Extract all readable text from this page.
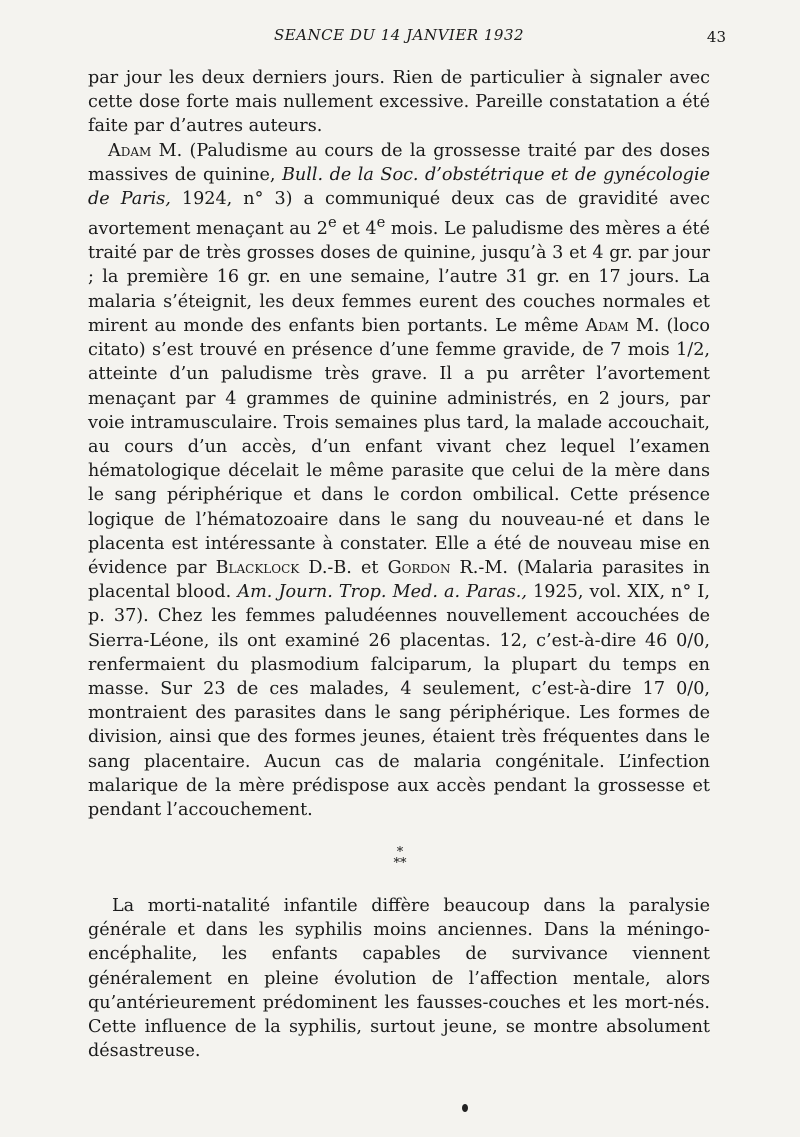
SEANCE DU 14 JANVIER 1932	43

par jour les deux derniers jours. Rien de particulier à signaler avec cette dose forte mais nullement excessive. Pareille constatation a été faite par d’autres auteurs.

Adam M. (Paludisme au cours de la grossesse traité par des doses massives de quinine, Bull. de la Soc. d’obstétrique et de gynécologie de Paris, 1924, n° 3) a communiqué deux cas de gravidité avec avortement menaçant au 2e et 4e mois. Le paludisme des mères a été traité par de très grosses doses de quinine, jusqu’à 3 et 4 gr. par jour ; la première 16 gr. en une semaine, l’autre 31 gr. en 17 jours. La malaria s’éteignit, les deux femmes eurent des couches normales et mirent au monde des enfants bien portants. Le même Adam M. (loco citato) s’est trouvé en présence d’une femme gravide, de 7 mois 1/2, atteinte d’un paludisme très grave. Il a pu arrêter l’avortement menaçant par 4 grammes de quinine administrés, en 2 jours, par voie intramusculaire. Trois semaines plus tard, la malade accouchait, au cours d’un accès, d’un enfant vivant chez lequel l’examen hématologique décelait le même parasite que celui de la mère dans le sang périphérique et dans le cordon ombilical. Cette présence logique de l’hématozoaire dans le sang du nouveau-né et dans le placenta est intéressante à constater. Elle a été de nouveau mise en évidence par Blacklock D.-B. et Gordon R.-M. (Malaria parasites in placental blood. Am. Journ. Trop. Med. a. Paras., 1925, vol. XIX, n° I, p. 37). Chez les femmes paludéennes nouvellement accouchées de Sierra-Léone, ils ont examiné 26 placentas. 12, c’est-à-dire 46 0/0, renfermaient du plasmodium falciparum, la plupart du temps en masse. Sur 23 de ces malades, 4 seulement, c’est-à-dire 17 0/0, montraient des parasites dans le sang périphérique. Les formes de division, ainsi que des formes jeunes, étaient très fréquentes dans le sang placentaire. Aucun cas de malaria congénitale. L’infection malarique de la mère prédispose aux accès pendant la grossesse et pendant l’accouchement.

*
**

La morti-natalité infantile diffère beaucoup dans la paralysie générale et dans les syphilis moins anciennes. Dans la méningo-encéphalite, les enfants capables de survivance viennent généralement en pleine évolution de l’affection mentale, alors qu’antérieurement prédominent les fausses-couches et les mort-nés. Cette influence de la syphilis, surtout jeune, se montre absolument désastreuse.
